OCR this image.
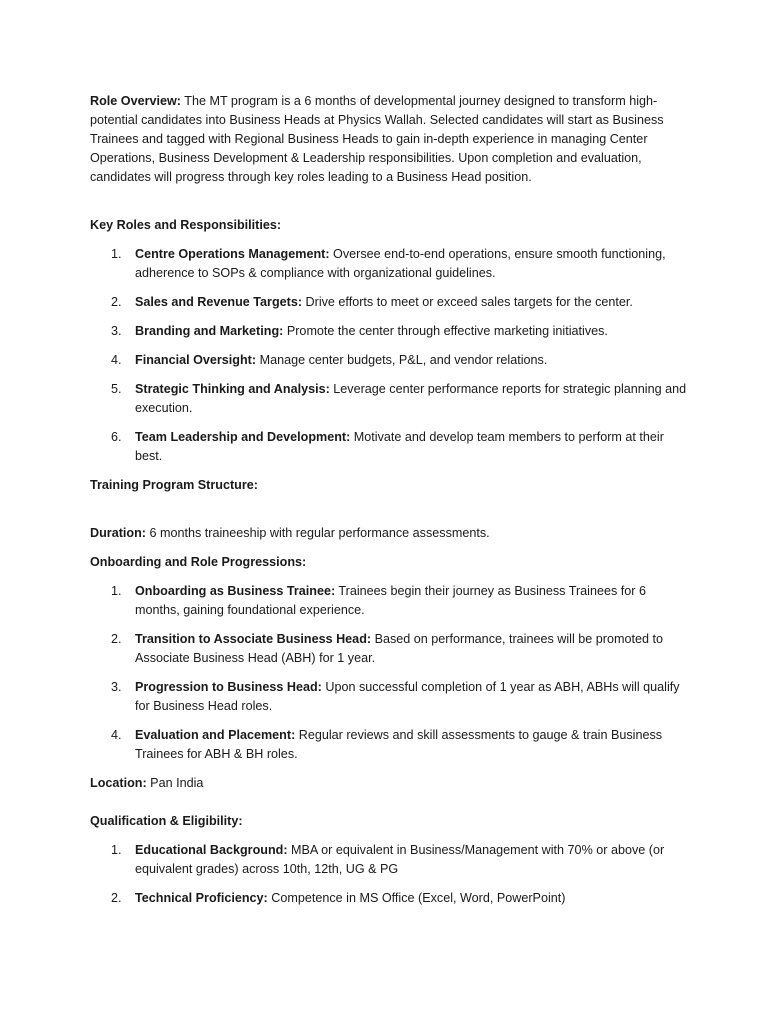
Role Overview: The MT program is a 6 months of developmental journey designed to transform high-potential candidates into Business Heads at Physics Wallah. Selected candidates will start as Business Trainees and tagged with Regional Business Heads to gain in-depth experience in managing Center Operations, Business Development & Leadership responsibilities. Upon completion and evaluation, candidates will progress through key roles leading to a Business Head position.

Key Roles and Responsibilities:

1. Centre Operations Management: Oversee end-to-end operations, ensure smooth functioning, adherence to SOPs & compliance with organizational guidelines.
2. Sales and Revenue Targets: Drive efforts to meet or exceed sales targets for the center.
3. Branding and Marketing: Promote the center through effective marketing initiatives.
4. Financial Oversight: Manage center budgets, P&L, and vendor relations.
5. Strategic Thinking and Analysis: Leverage center performance reports for strategic planning and execution.
6. Team Leadership and Development: Motivate and develop team members to perform at their best.

Training Program Structure:

Duration: 6 months traineeship with regular performance assessments.

Onboarding and Role Progressions:

1. Onboarding as Business Trainee: Trainees begin their journey as Business Trainees for 6 months, gaining foundational experience.
2. Transition to Associate Business Head: Based on performance, trainees will be promoted to Associate Business Head (ABH) for 1 year.
3. Progression to Business Head: Upon successful completion of 1 year as ABH, ABHs will qualify for Business Head roles.
4. Evaluation and Placement: Regular reviews and skill assessments to gauge & train Business Trainees for ABH & BH roles.

Location: Pan India

Qualification & Eligibility:

1. Educational Background: MBA or equivalent in Business/Management with 70% or above (or equivalent grades) across 10th, 12th, UG & PG
2. Technical Proficiency: Competence in MS Office (Excel, Word, PowerPoint)
